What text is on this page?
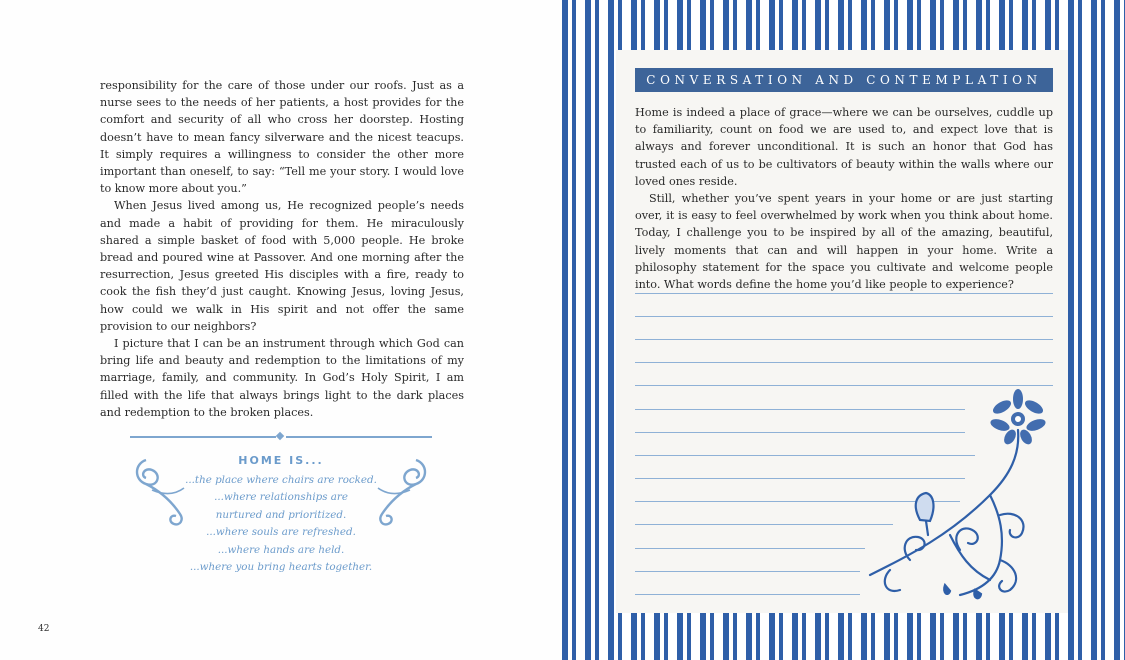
responsibility for the care of those under our roofs. Just as a nurse sees to the needs of her patients, a host provides for the comfort and security of all who cross her doorstep. Hosting doesn’t have to mean fancy silverware and the nicest teacups. It simply requires a willingness to consider the other more important than oneself, to say: “Tell me your story. I would love to know more about you.”

When Jesus lived among us, He recognized people’s needs and made a habit of providing for them. He miraculously shared a simple basket of food with 5,000 people. He broke bread and poured wine at Passover. And one morning after the resurrection, Jesus greeted His disciples with a fire, ready to cook the fish they’d just caught. Knowing Jesus, loving Jesus, how could we walk in His spirit and not offer the same provision to our neighbors?

I picture that I can be an instrument through which God can bring life and beauty and redemption to the limitations of my marriage, family, and community. In God’s Holy Spirit, I am filled with the life that always brings light to the dark places and redemption to the broken places.

HOME IS...
...the place where chairs are rocked.
...where relationships are
nurtured and prioritized.
...where souls are refreshed.
...where hands are held.
...where you bring hearts together.
42
CONVERSATION AND CONTEMPLATION

Home is indeed a place of grace—where we can be ourselves, cuddle up to familiarity, count on food we are used to, and expect love that is always and forever unconditional. It is such an honor that God has trusted each of us to be cultivators of beauty within the walls where our loved ones reside.

Still, whether you’ve spent years in your home or are just starting over, it is easy to feel overwhelmed by work when you think about home. Today, I challenge you to be inspired by all of the amazing, beautiful, lively moments that can and will happen in your home. Write a philosophy statement for the space you cultivate and welcome people into. What words define the home you’d like people to experience?
